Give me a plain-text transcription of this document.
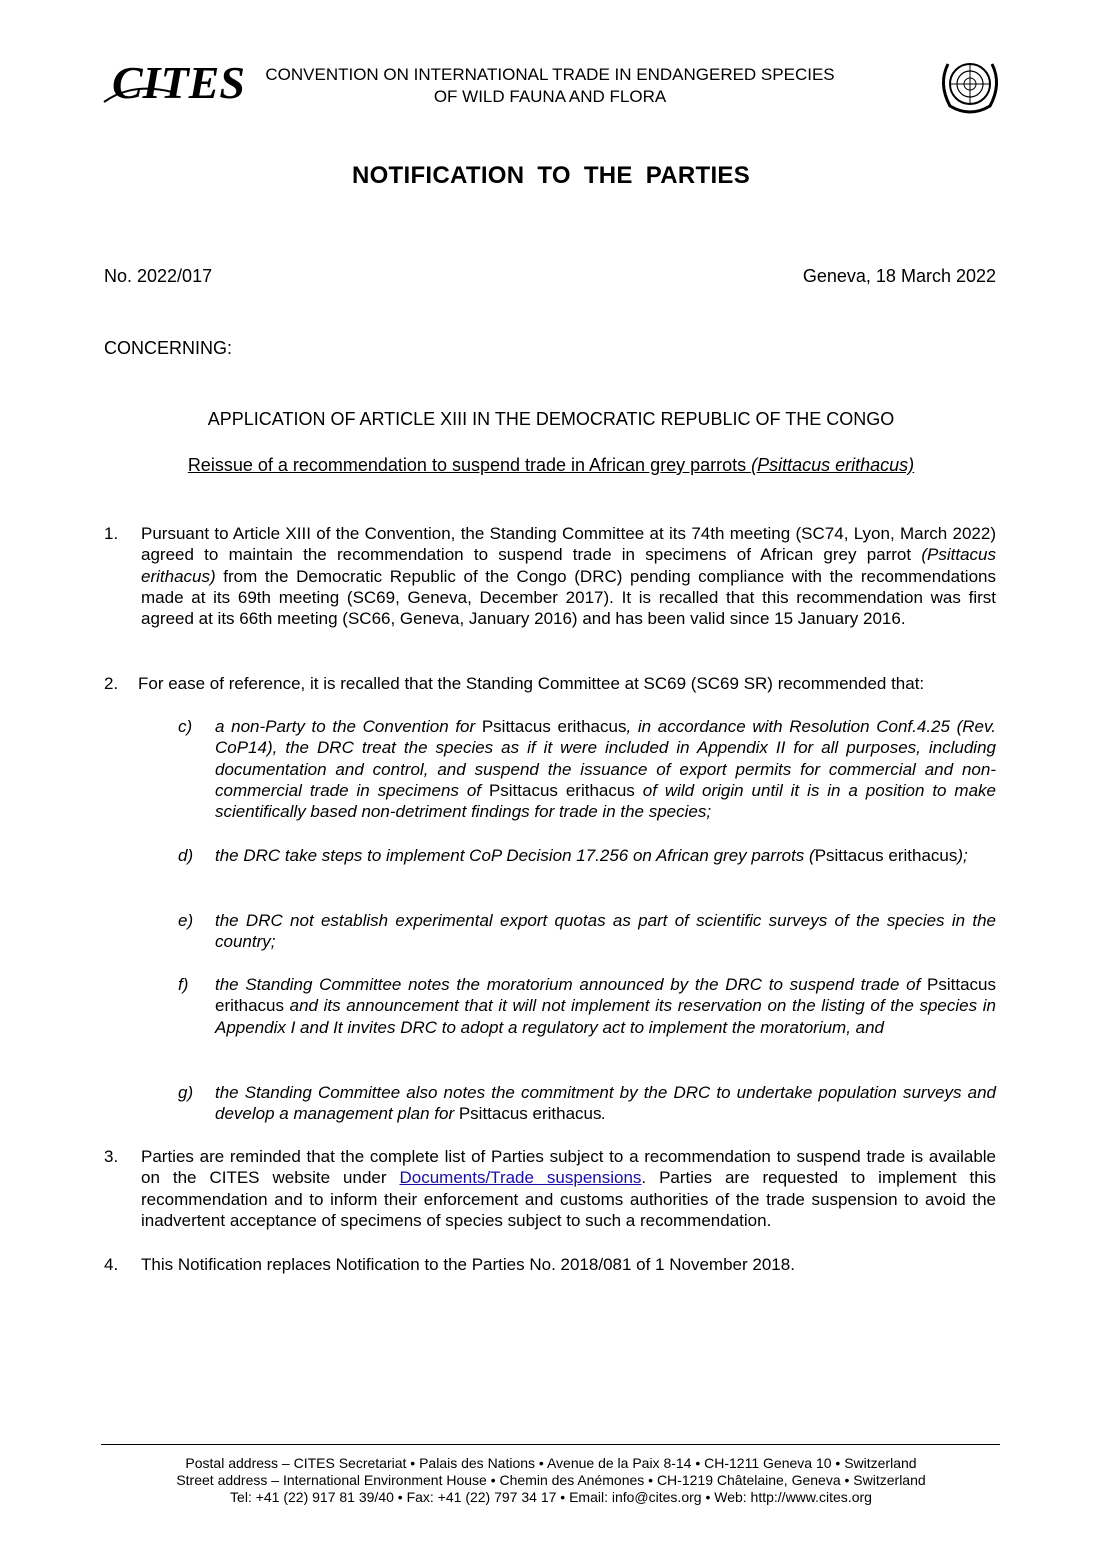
CITES	CONVENTION ON INTERNATIONAL TRADE IN ENDANGERED SPECIES
OF WILD FAUNA AND FLORA
NOTIFICATION TO THE PARTIES
No. 2022/017	Geneva, 18 March 2022
CONCERNING:
APPLICATION OF ARTICLE XIII IN THE DEMOCRATIC REPUBLIC OF THE CONGO
Reissue of a recommendation to suspend trade in African grey parrots (Psittacus erithacus)
1. Pursuant to Article XIII of the Convention, the Standing Committee at its 74th meeting (SC74, Lyon, March 2022) agreed to maintain the recommendation to suspend trade in specimens of African grey parrot (Psittacus erithacus) from the Democratic Republic of the Congo (DRC) pending compliance with the recommendations made at its 69th meeting (SC69, Geneva, December 2017). It is recalled that this recommendation was first agreed at its 66th meeting (SC66, Geneva, January 2016) and has been valid since 15 January 2016.
2. For ease of reference, it is recalled that the Standing Committee at SC69 (SC69 SR) recommended that:
c) a non-Party to the Convention for Psittacus erithacus, in accordance with Resolution Conf.4.25 (Rev. CoP14), the DRC treat the species as if it were included in Appendix II for all purposes, including documentation and control, and suspend the issuance of export permits for commercial and non-commercial trade in specimens of Psittacus erithacus of wild origin until it is in a position to make scientifically based non-detriment findings for trade in the species;
d) the DRC take steps to implement CoP Decision 17.256 on African grey parrots (Psittacus erithacus);
e) the DRC not establish experimental export quotas as part of scientific surveys of the species in the country;
f) the Standing Committee notes the moratorium announced by the DRC to suspend trade of Psittacus erithacus and its announcement that it will not implement its reservation on the listing of the species in Appendix I and It invites DRC to adopt a regulatory act to implement the moratorium, and
g) the Standing Committee also notes the commitment by the DRC to undertake population surveys and develop a management plan for Psittacus erithacus.
3. Parties are reminded that the complete list of Parties subject to a recommendation to suspend trade is available on the CITES website under Documents/Trade suspensions. Parties are requested to implement this recommendation and to inform their enforcement and customs authorities of the trade suspension to avoid the inadvertent acceptance of specimens of species subject to such a recommendation.
4. This Notification replaces Notification to the Parties No. 2018/081 of 1 November 2018.
Postal address – CITES Secretariat • Palais des Nations • Avenue de la Paix 8-14 • CH-1211 Geneva 10 • Switzerland
Street address – International Environment House • Chemin des Anémones • CH-1219 Châtelaine, Geneva • Switzerland
Tel: +41 (22) 917 81 39/40 • Fax: +41 (22) 797 34 17 • Email: info@cites.org • Web: http://www.cites.org
